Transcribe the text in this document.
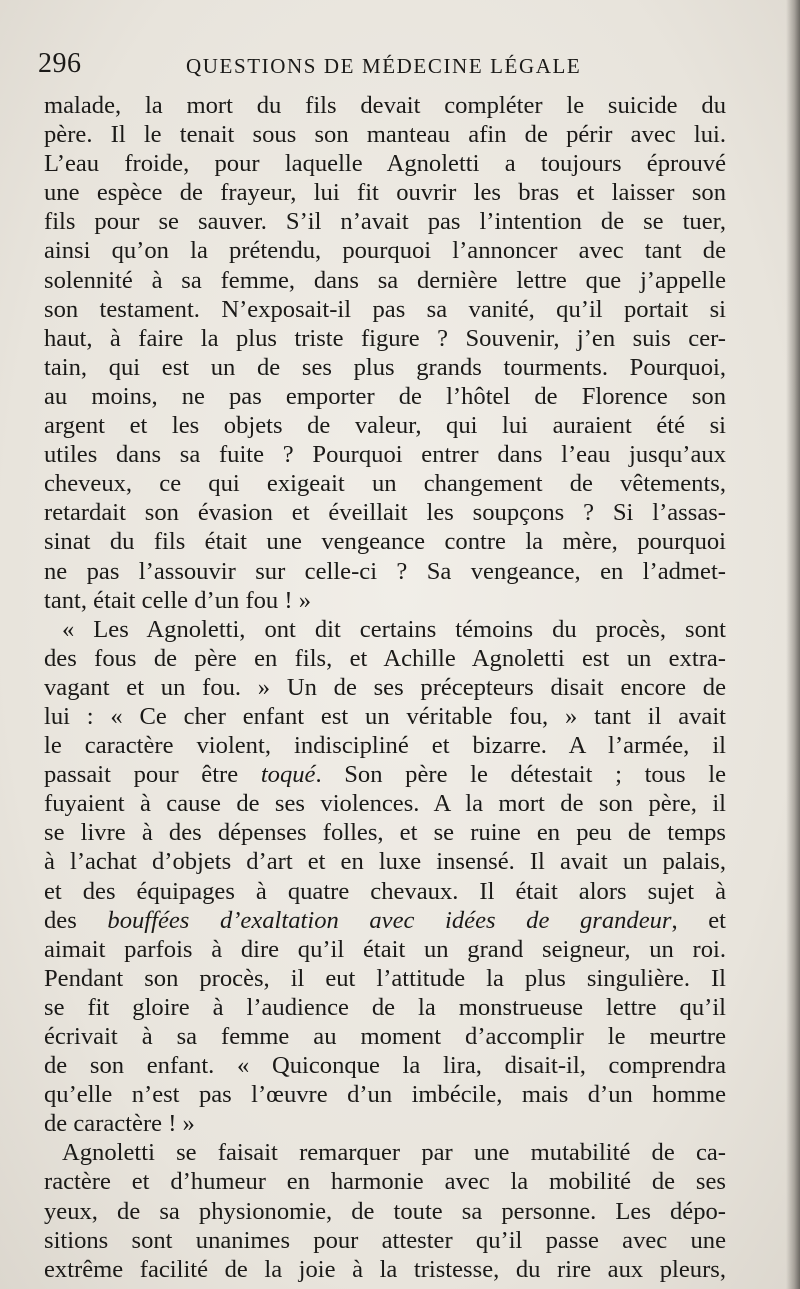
296	QUESTIONS DE MÉDECINE LÉGALE
malade, la mort du fils devait compléter le suicide du
père. Il le tenait sous son manteau afin de périr avec lui.
L’eau froide, pour laquelle Agnoletti a toujours éprouvé
une espèce de frayeur, lui fit ouvrir les bras et laisser son
fils pour se sauver. S’il n’avait pas l’intention de se tuer,
ainsi qu’on la prétendu, pourquoi l’annoncer avec tant de
solennité à sa femme, dans sa dernière lettre que j’appelle
son testament. N’exposait-il pas sa vanité, qu’il portait si
haut, à faire la plus triste figure ? Souvenir, j’en suis cer-
tain, qui est un de ses plus grands tourments. Pourquoi,
au moins, ne pas emporter de l’hôtel de Florence son
argent et les objets de valeur, qui lui auraient été si
utiles dans sa fuite ? Pourquoi entrer dans l’eau jusqu’aux
cheveux, ce qui exigeait un changement de vêtements,
retardait son évasion et éveillait les soupçons ? Si l’assas-
sinat du fils était une vengeance contre la mère, pourquoi
ne pas l’assouvir sur celle-ci ? Sa vengeance, en l’admet-
tant, était celle d’un fou ! »
« Les Agnoletti, ont dit certains témoins du procès, sont
des fous de père en fils, et Achille Agnoletti est un extra-
vagant et un fou. » Un de ses précepteurs disait encore de
lui : « Ce cher enfant est un véritable fou, » tant il avait
le caractère violent, indiscipliné et bizarre. A l’armée, il
passait pour être toqué. Son père le détestait ; tous le
fuyaient à cause de ses violences. A la mort de son père, il
se livre à des dépenses folles, et se ruine en peu de temps
à l’achat d’objets d’art et en luxe insensé. Il avait un palais,
et des équipages à quatre chevaux. Il était alors sujet à
des bouffées d’exaltation avec idées de grandeur, et
aimait parfois à dire qu’il était un grand seigneur, un roi.
Pendant son procès, il eut l’attitude la plus singulière. Il
se fit gloire à l’audience de la monstrueuse lettre qu’il
écrivait à sa femme au moment d’accomplir le meurtre
de son enfant. « Quiconque la lira, disait-il, comprendra
qu’elle n’est pas l’œuvre d’un imbécile, mais d’un homme
de caractère ! »
Agnoletti se faisait remarquer par une mutabilité de ca-
ractère et d’humeur en harmonie avec la mobilité de ses
yeux, de sa physionomie, de toute sa personne. Les dépo-
sitions sont unanimes pour attester qu’il passe avec une
extrême facilité de la joie à la tristesse, du rire aux pleurs,
